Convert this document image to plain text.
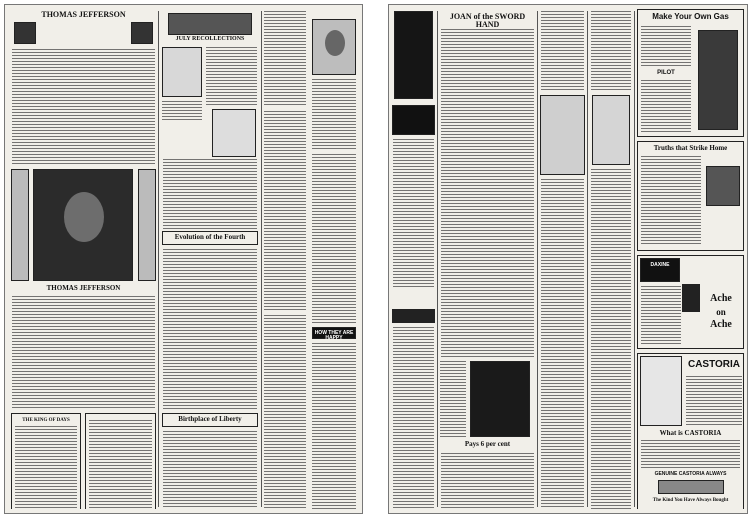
THOMAS JEFFERSON
THOMAS JEFFERSON
THE KING OF DAYS
JULY RECOLLECTIONS
Evolution of the Fourth
Birthplace of Liberty
HOW THEY ARE HAPPY
JOAN of the SWORD HAND
Pays 6 per cent
Make Your Own Gas
PILOT
Truths that Strike Home
DAXINE
Ache
on
Ache
CASTORIA
What is CASTORIA
GENUINE CASTORIA ALWAYS
The Kind You Have Always Bought
